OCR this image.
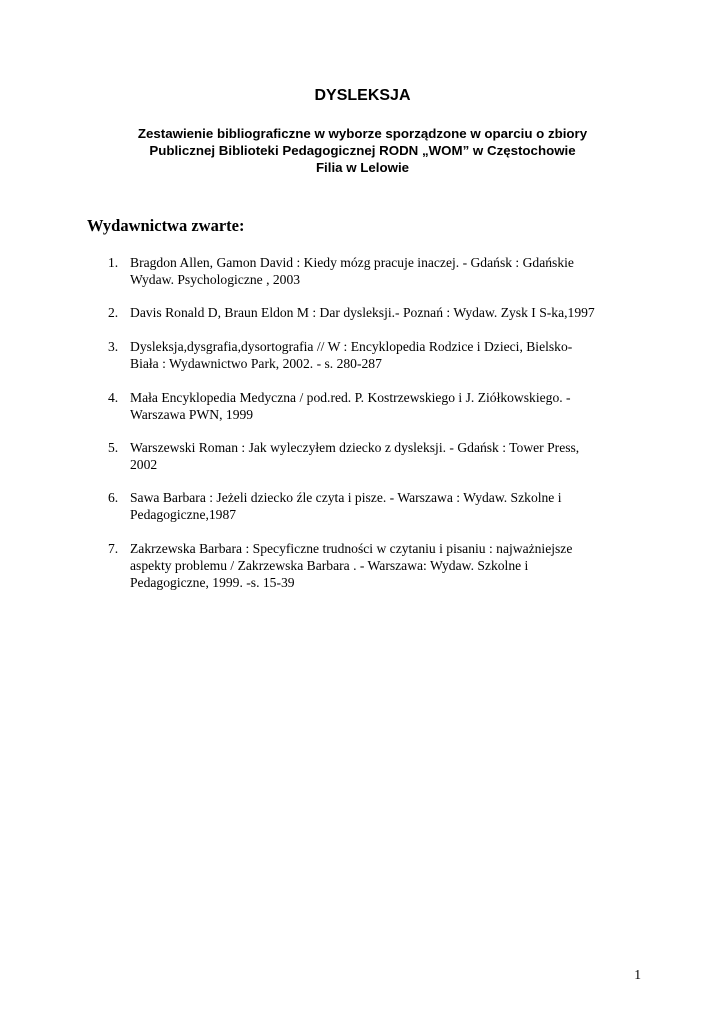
DYSLEKSJA
Zestawienie bibliograficzne w wyborze sporządzone w oparciu o zbiory
Publicznej Biblioteki Pedagogicznej RODN „WOM” w Częstochowie
Filia w Lelowie
Wydawnictwa zwarte:
1. Bragdon Allen, Gamon David : Kiedy mózg pracuje inaczej. - Gdańsk : Gdańskie
Wydaw. Psychologiczne , 2003
2. Davis Ronald D, Braun Eldon M : Dar dysleksji.- Poznań : Wydaw. Zysk I S-ka,1997
3. Dysleksja,dysgrafia,dysortografia // W : Encyklopedia Rodzice i Dzieci, Bielsko-
Biała : Wydawnictwo Park, 2002. - s. 280-287
4. Mała Encyklopedia Medyczna / pod.red. P. Kostrzewskiego i J. Ziółkowskiego. -
Warszawa PWN, 1999
5. Warszewski Roman : Jak wyleczyłem dziecko z dysleksji. - Gdańsk : Tower Press,
2002
6. Sawa Barbara : Jeżeli dziecko źle czyta i pisze. - Warszawa : Wydaw. Szkolne i
Pedagogiczne,1987
7. Zakrzewska Barbara : Specyficzne trudności w czytaniu i pisaniu : najważniejsze
aspekty problemu / Zakrzewska Barbara . - Warszawa: Wydaw. Szkolne i
Pedagogiczne, 1999. -s. 15-39

1
